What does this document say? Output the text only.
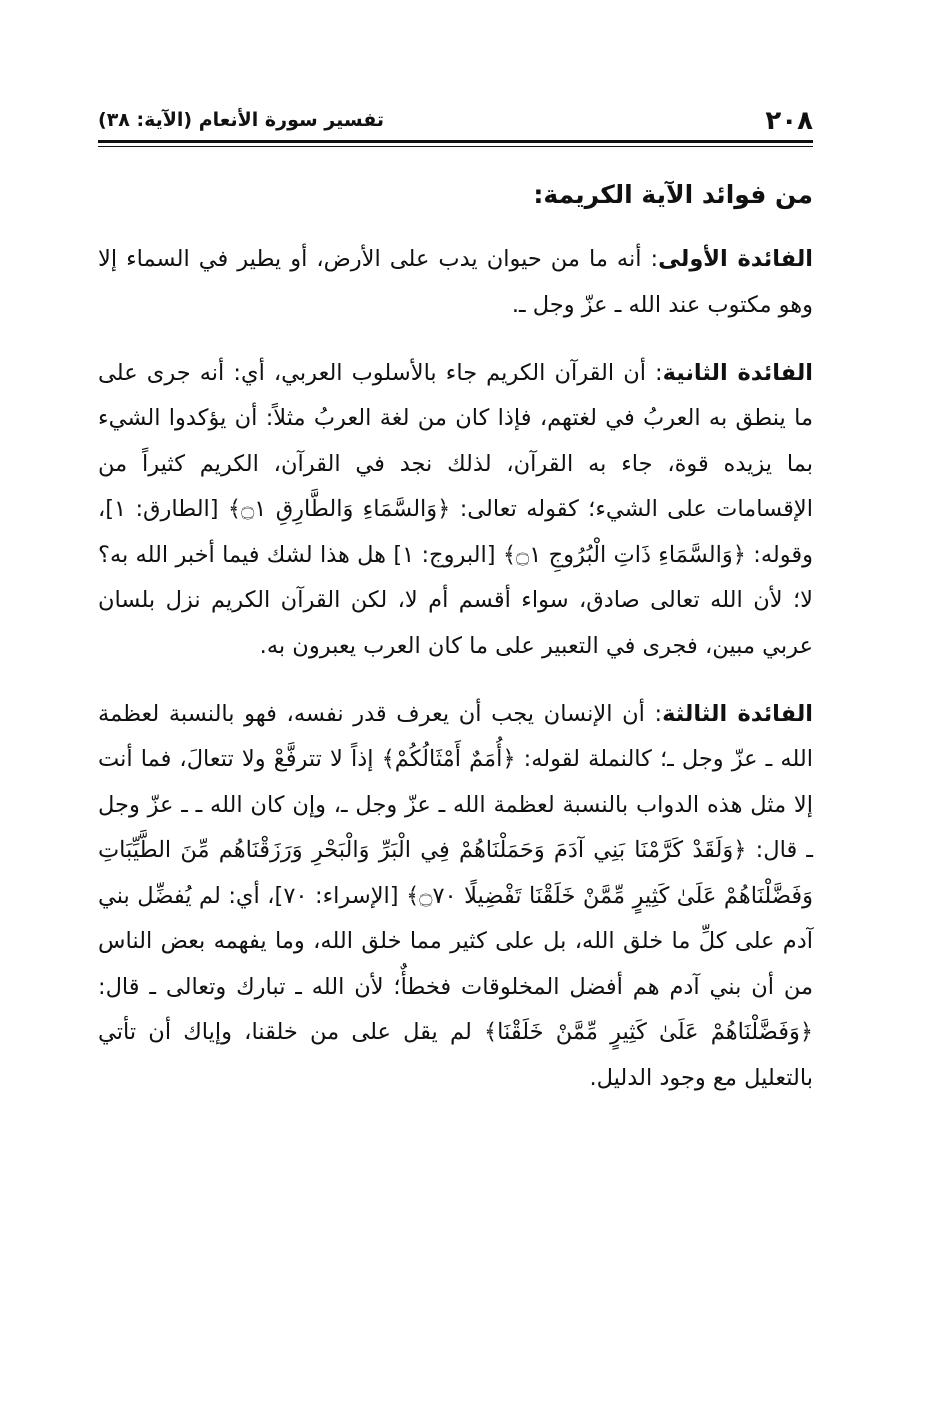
٢٠٨
تفسير سورة الأنعام (الآية: ٣٨)
من فوائد الآية الكريمة:

الفائدة الأولى: أنه ما من حيوان يدب على الأرض، أو يطير في السماء إلا وهو مكتوب عند الله ـ عزّ وجل ـ.

الفائدة الثانية: أن القرآن الكريم جاء بالأسلوب العربي، أي: أنه جرى على ما ينطق به العربُ في لغتهم، فإذا كان من لغة العربُ مثلاً: أن يؤكدوا الشيء بما يزيده قوة، جاء به القرآن، لذلك نجد في القرآن، الكريم كثيراً من الإقسامات على الشيء؛ كقوله تعالى: ﴿وَالسَّمَاءِ وَالطَّارِقِ ۝١﴾ [الطارق: ١]، وقوله: ﴿وَالسَّمَاءِ ذَاتِ الْبُرُوجِ ۝١﴾ [البروج: ١] هل هذا لشك فيما أخبر الله به؟ لا؛ لأن الله تعالى صادق، سواء أقسم أم لا، لكن القرآن الكريم نزل بلسان عربي مبين، فجرى في التعبير على ما كان العرب يعبرون به.

الفائدة الثالثة: أن الإنسان يجب أن يعرف قدر نفسه، فهو بالنسبة لعظمة الله ـ عزّ وجل ـ؛ كالنملة لقوله: ﴿أُمَمٌ أَمْثَالُكُمْ﴾ إذاً لا تترفَّعْ ولا تتعالَ، فما أنت إلا مثل هذه الدواب بالنسبة لعظمة الله ـ عزّ وجل ـ، وإن كان الله ـ ـ عزّ وجل ـ قال: ﴿وَلَقَدْ كَرَّمْنَا بَنِي آدَمَ وَحَمَلْنَاهُمْ فِي الْبَرِّ وَالْبَحْرِ وَرَزَقْنَاهُم مِّنَ الطَّيِّبَاتِ وَفَضَّلْنَاهُمْ عَلَىٰ كَثِيرٍ مِّمَّنْ خَلَقْنَا تَفْضِيلًا ۝٧٠﴾ [الإسراء: ٧٠]، أي: لم يُفضِّل بني آدم على كلِّ ما خلق الله، بل على كثير مما خلق الله، وما يفهمه بعض الناس من أن بني آدم هم أفضل المخلوقات فخطأٌ؛ لأن الله ـ تبارك وتعالى ـ قال: ﴿وَفَضَّلْنَاهُمْ عَلَىٰ كَثِيرٍ مِّمَّنْ خَلَقْنَا﴾ لم يقل على من خلقنا، وإياك أن تأتي بالتعليل مع وجود الدليل.
